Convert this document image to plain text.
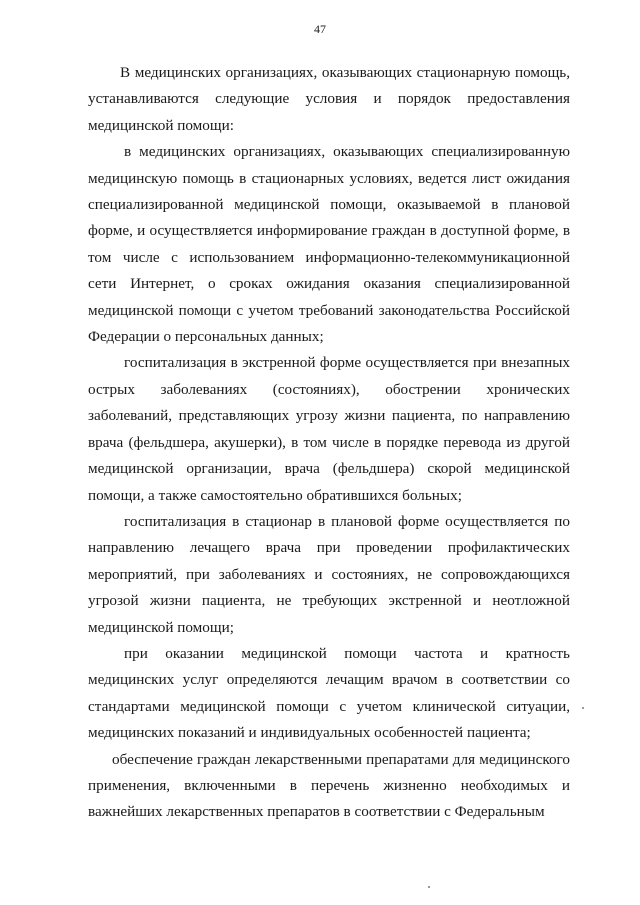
47

В медицинских организациях, оказывающих стационарную помощь, устанавливаются следующие условия и порядок предоставления медицинской помощи:

в медицинских организациях, оказывающих специализированную медицинскую помощь в стационарных условиях, ведется лист ожидания специализированной медицинской помощи, оказываемой в плановой форме, и осуществляется информирование граждан в доступной форме, в том числе с использованием информационно-телекоммуникационной сети Интернет, о сроках ожидания оказания специализированной медицинской помощи с учетом требований законодательства Российской Федерации о персональных данных;

госпитализация в экстренной форме осуществляется при внезапных острых заболеваниях (состояниях), обострении хронических заболеваний, представляющих угрозу жизни пациента, по направлению врача (фельдшера, акушерки), в том числе в порядке перевода из другой медицинской организации, врача (фельдшера) скорой медицинской помощи, а также самостоятельно обратившихся больных;

госпитализация в стационар в плановой форме осуществляется по направлению лечащего врача при проведении профилактических мероприятий, при заболеваниях и состояниях, не сопровождающихся угрозой жизни пациента, не требующих экстренной и неотложной медицинской помощи;

при оказании медицинской помощи частота и кратность медицинских услуг определяются лечащим врачом в соответствии со стандартами медицинской помощи с учетом клинической ситуации, медицинских показаний и индивидуальных особенностей пациента;

обеспечение граждан лекарственными препаратами для медицинского применения, включенными в перечень жизненно необходимых и важнейших лекарственных препаратов в соответствии с Федеральным
